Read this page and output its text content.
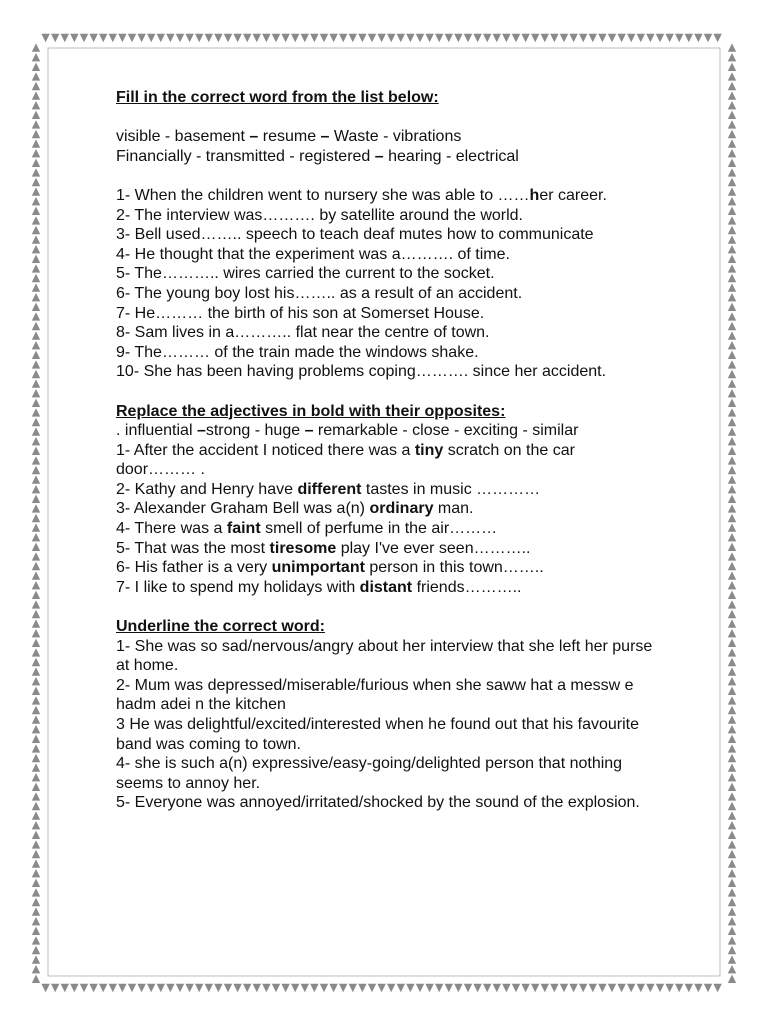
Fill in the correct word from the list below:

visible - basement – resume – Waste - vibrations
Financially - transmitted - registered – hearing - electrical
1- When the children went to nursery she was able to ……her career.
2- The interview was………. by satellite around the world.
3- Bell used…….. speech to teach deaf mutes how to communicate
4- He thought that the experiment was a………. of time.
5- The……….. wires carried the current to the socket.
6- The young boy lost his…….. as a result of an accident.
7- He……… the birth of his son at Somerset House.
8- Sam lives in a……….. flat near the centre of town.
9- The……… of the train made the windows shake.
10- She has been having problems coping………. since her accident.

Replace the adjectives in bold with their opposites:

. influential –strong - huge – remarkable - close - exciting - similar
1- After the accident I noticed there was a tiny scratch on the car door……… .
2- Kathy and Henry have different tastes in music …………
3- Alexander Graham Bell was a(n) ordinary man.
4- There was a faint smell of perfume in the air………
5- That was the most tiresome play I've ever seen………..
6- His father is a very unimportant person in this town……..
7- I like to spend my holidays with distant friends………..

Underline the correct word:

1- She was so sad/nervous/angry about her interview that she left her purse at home.
2- Mum was depressed/miserable/furious when she saww hat a messw e hadm adei n the kitchen
3 He was delightful/excited/interested when he found out that his favourite band was coming to town.
4- she is such a(n) expressive/easy-going/delighted person that nothing seems to annoy her.
5- Everyone was annoyed/irritated/shocked by the sound of the explosion.
